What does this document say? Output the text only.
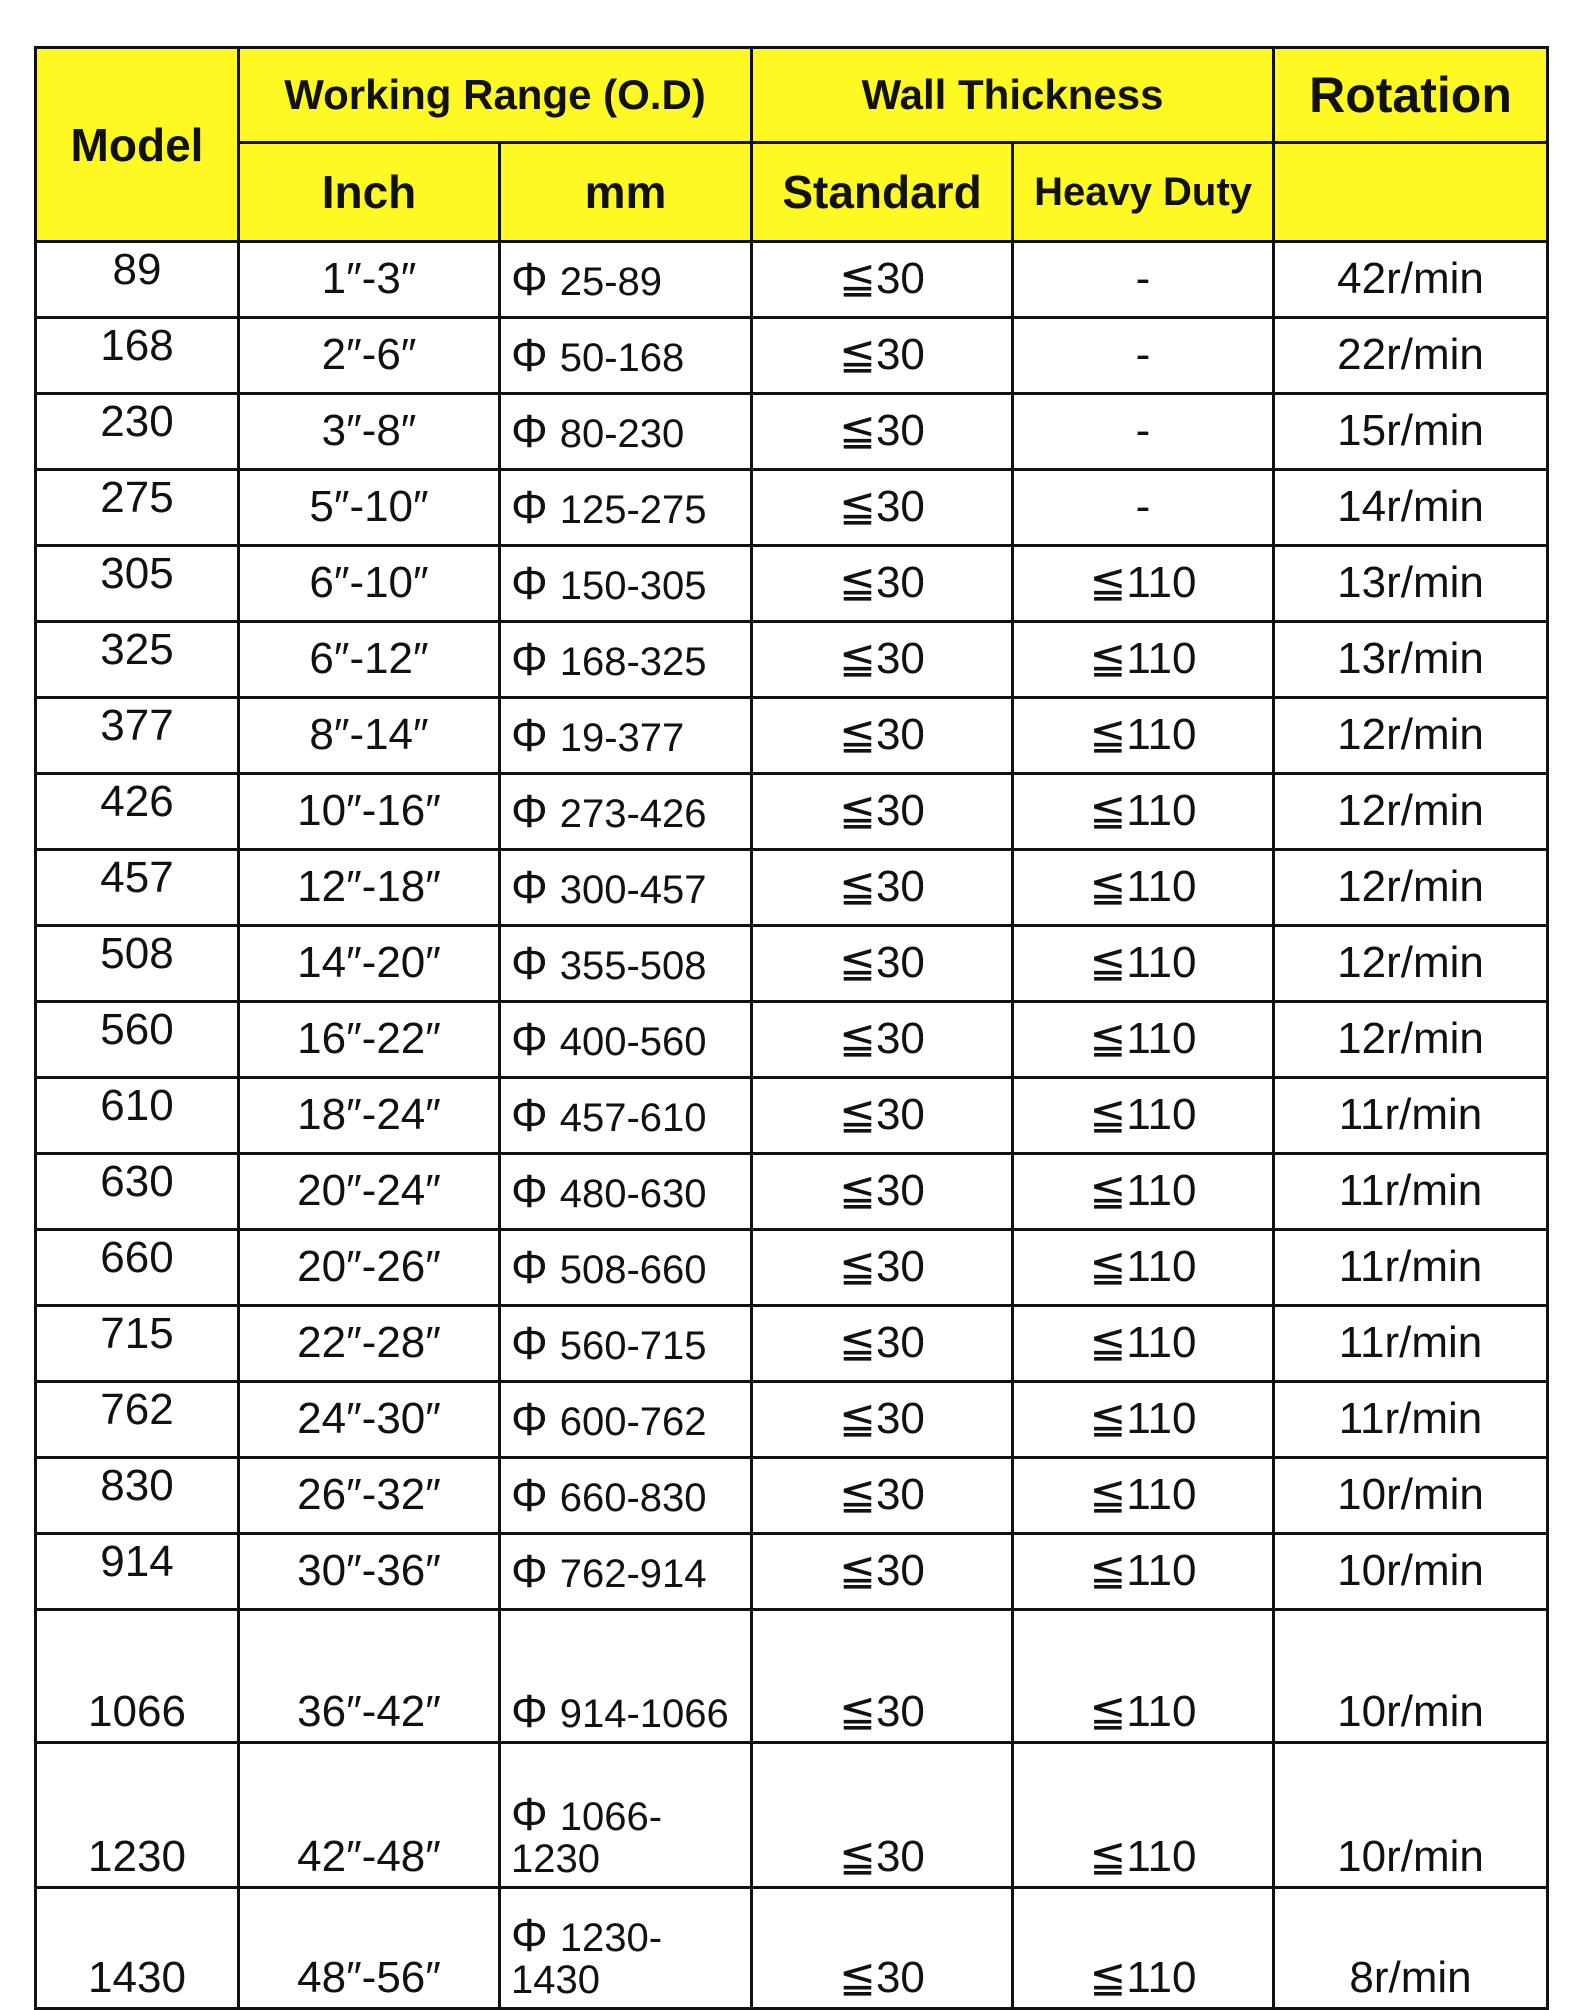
Model	Working Range (O.D)		Wall Thickness		Rotation
	Inch	mm	Standard	Heavy Duty	
89	1″-3″	Φ 25-89	≦30	-	42r/min
168	2″-6″	Φ 50-168	≦30	-	22r/min
230	3″-8″	Φ 80-230	≦30	-	15r/min
275	5″-10″	Φ 125-275	≦30	-	14r/min
305	6″-10″	Φ 150-305	≦30	≦110	13r/min
325	6″-12″	Φ 168-325	≦30	≦110	13r/min
377	8″-14″	Φ 19-377	≦30	≦110	12r/min
426	10″-16″	Φ 273-426	≦30	≦110	12r/min
457	12″-18″	Φ 300-457	≦30	≦110	12r/min
508	14″-20″	Φ 355-508	≦30	≦110	12r/min
560	16″-22″	Φ 400-560	≦30	≦110	12r/min
610	18″-24″	Φ 457-610	≦30	≦110	11r/min
630	20″-24″	Φ 480-630	≦30	≦110	11r/min
660	20″-26″	Φ 508-660	≦30	≦110	11r/min
715	22″-28″	Φ 560-715	≦30	≦110	11r/min
762	24″-30″	Φ 600-762	≦30	≦110	11r/min
830	26″-32″	Φ 660-830	≦30	≦110	10r/min
914	30″-36″	Φ 762-914	≦30	≦110	10r/min
1066	36″-42″	Φ 914-1066	≦30	≦110	10r/min
1230	42″-48″	Φ 1066-1230	≦30	≦110	10r/min
1430	48″-56″	Φ 1230-1430	≦30	≦110	8r/min
